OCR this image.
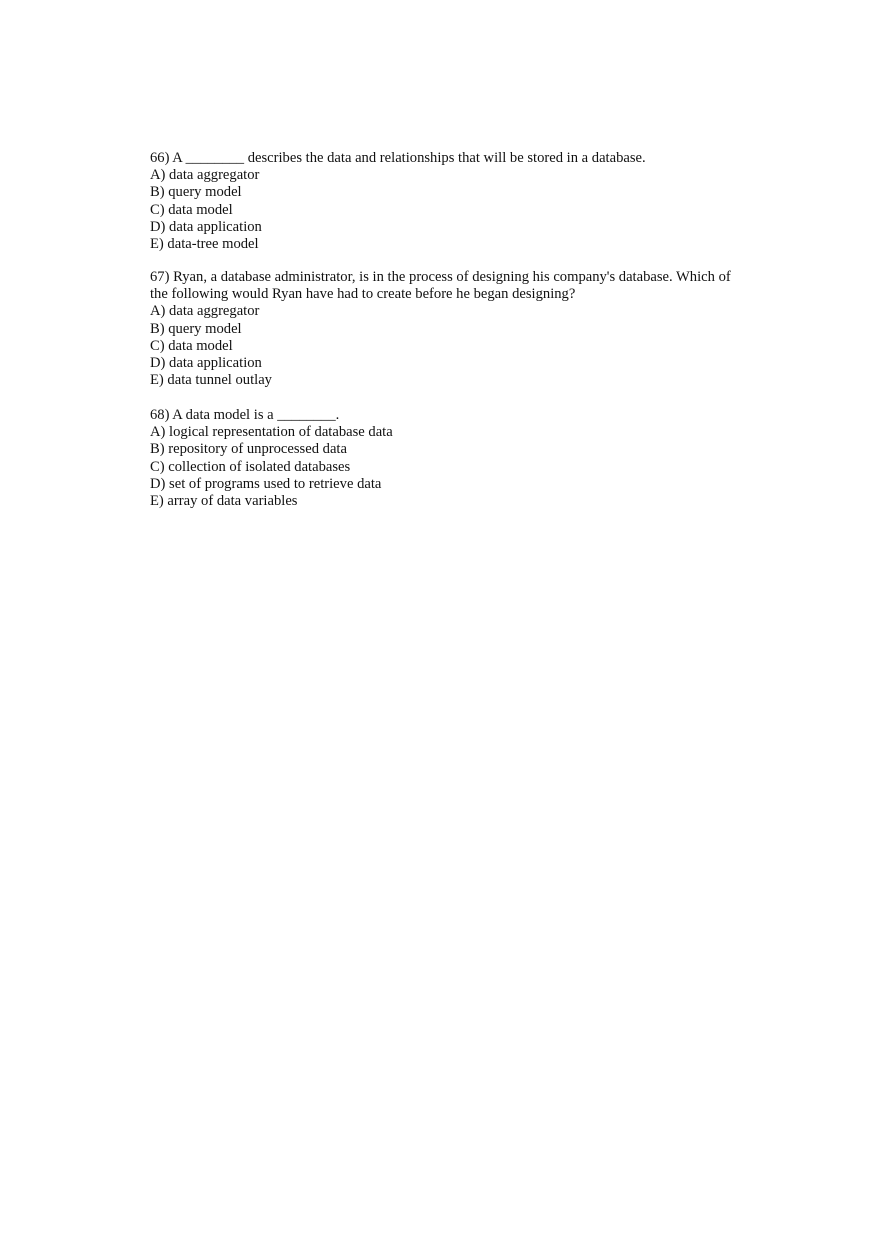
66) A ________ describes the data and relationships that will be stored in a database.
A) data aggregator
B) query model
C) data model
D) data application
E) data-tree model
67) Ryan, a database administrator, is in the process of designing his company's database. Which of the following would Ryan have had to create before he began designing?
A) data aggregator
B) query model
C) data model
D) data application
E) data tunnel outlay
68) A data model is a ________.
A) logical representation of database data
B) repository of unprocessed data
C) collection of isolated databases
D) set of programs used to retrieve data
E) array of data variables
